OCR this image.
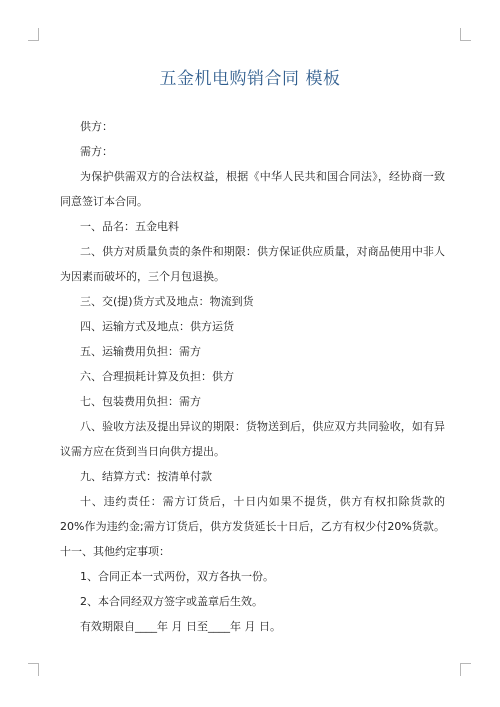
五金机电购销合同 模板

供方：

需方：

为保护供需双方的合法权益，根据《中华人民共和国合同法》，经协商一致同意签订本合同。

一、品名：五金电料

二、供方对质量负责的条件和期限：供方保证供应质量，对商品使用中非人为因素而破坏的，三个月包退换。

三、交(提)货方式及地点：物流到货

四、运输方式及地点：供方运货

五、运输费用负担：需方

六、合理损耗计算及负担：供方

七、包装费用负担：需方

八、验收方法及提出异议的期限：货物送到后，供应双方共同验收，如有异议需方应在货到当日向供方提出。

九、结算方式：按清单付款

十、违约责任：需方订货后，十日内如果不提货，供方有权扣除货款的20%作为违约金;需方订货后，供方发货延长十日后，乙方有权少付20%货款。十一、其他约定事项：

1、合同正本一式两份，双方各执一份。

2、本合同经双方签字或盖章后生效。

有效期限自____年 月 日至____年 月 日。
